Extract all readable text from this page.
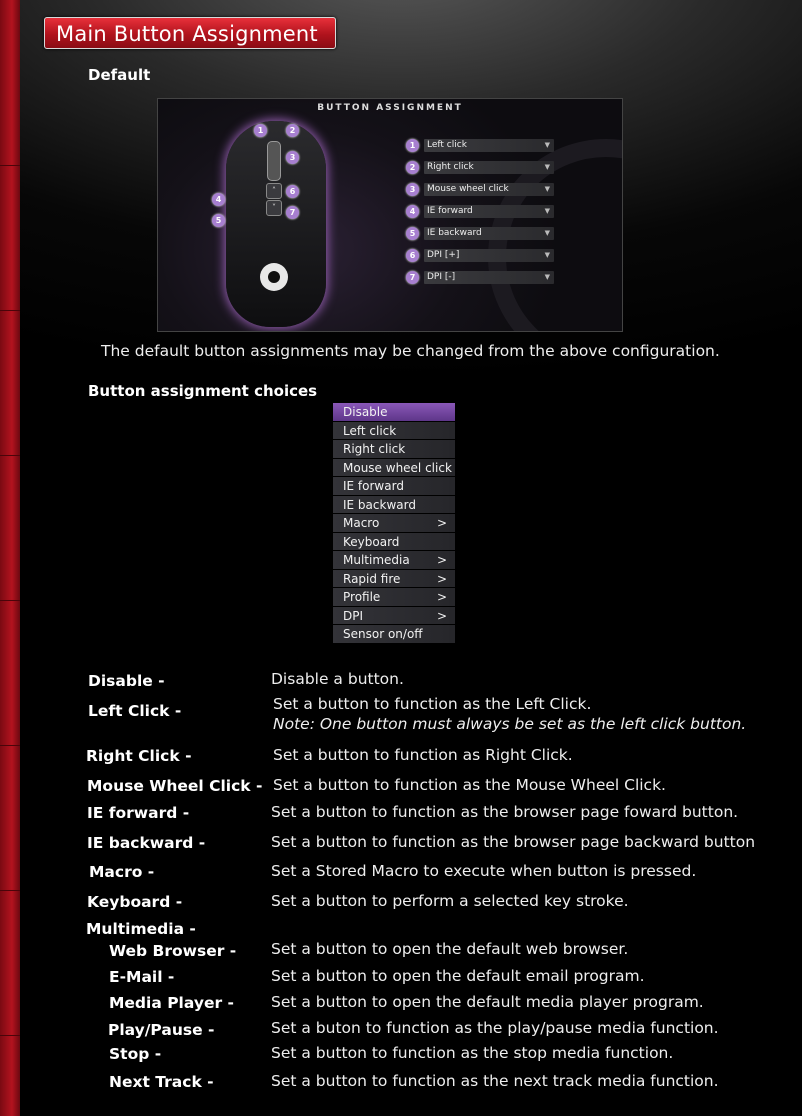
Main Button Assignment
Default
BUTTON ASSIGNMENT
˄
˅
1	2
3
4
5
6
7
1	Left click	▼
2	Right click	▼
3	Mouse wheel click	▼
4	IE forward	▼
5	IE backward	▼
6	DPI [+]	▼
7	DPI [-]	▼
The default button assignments may be changed from the above configuration.
Button assignment choices
Disable
Left click
Right click
Mouse wheel click
IE forward
IE backward
Macro	>
Keyboard
Multimedia >
Rapid fire	>
Profile	>
DPI	>
Sensor on/off
Disable -	Disable a button.
Left Click -	Set a button to function as the Left Click.
Note: One button must always be set as the left click button.
Right Click -	Set a button to function as Right Click.
Mouse Wheel Click - Set a button to function as the Mouse Wheel Click.
IE forward -	Set a button to function as the browser page foward button.
IE backward -	Set a button to function as the browser page backward button
Macro -	Set a Stored Macro to execute when button is pressed.
Keyboard -	Set a button to perform a selected key stroke.
Multimedia -
Web Browser - Set a button to open the default web browser.
E-Mail -	Set a button to open the default email program.
Media Player - Set a button to open the default media player program.
Play/Pause -	Set a buton to function as the play/pause media function.
Stop -	Set a button to function as the stop media function.
Next Track -	Set a button to function as the next track media function.
